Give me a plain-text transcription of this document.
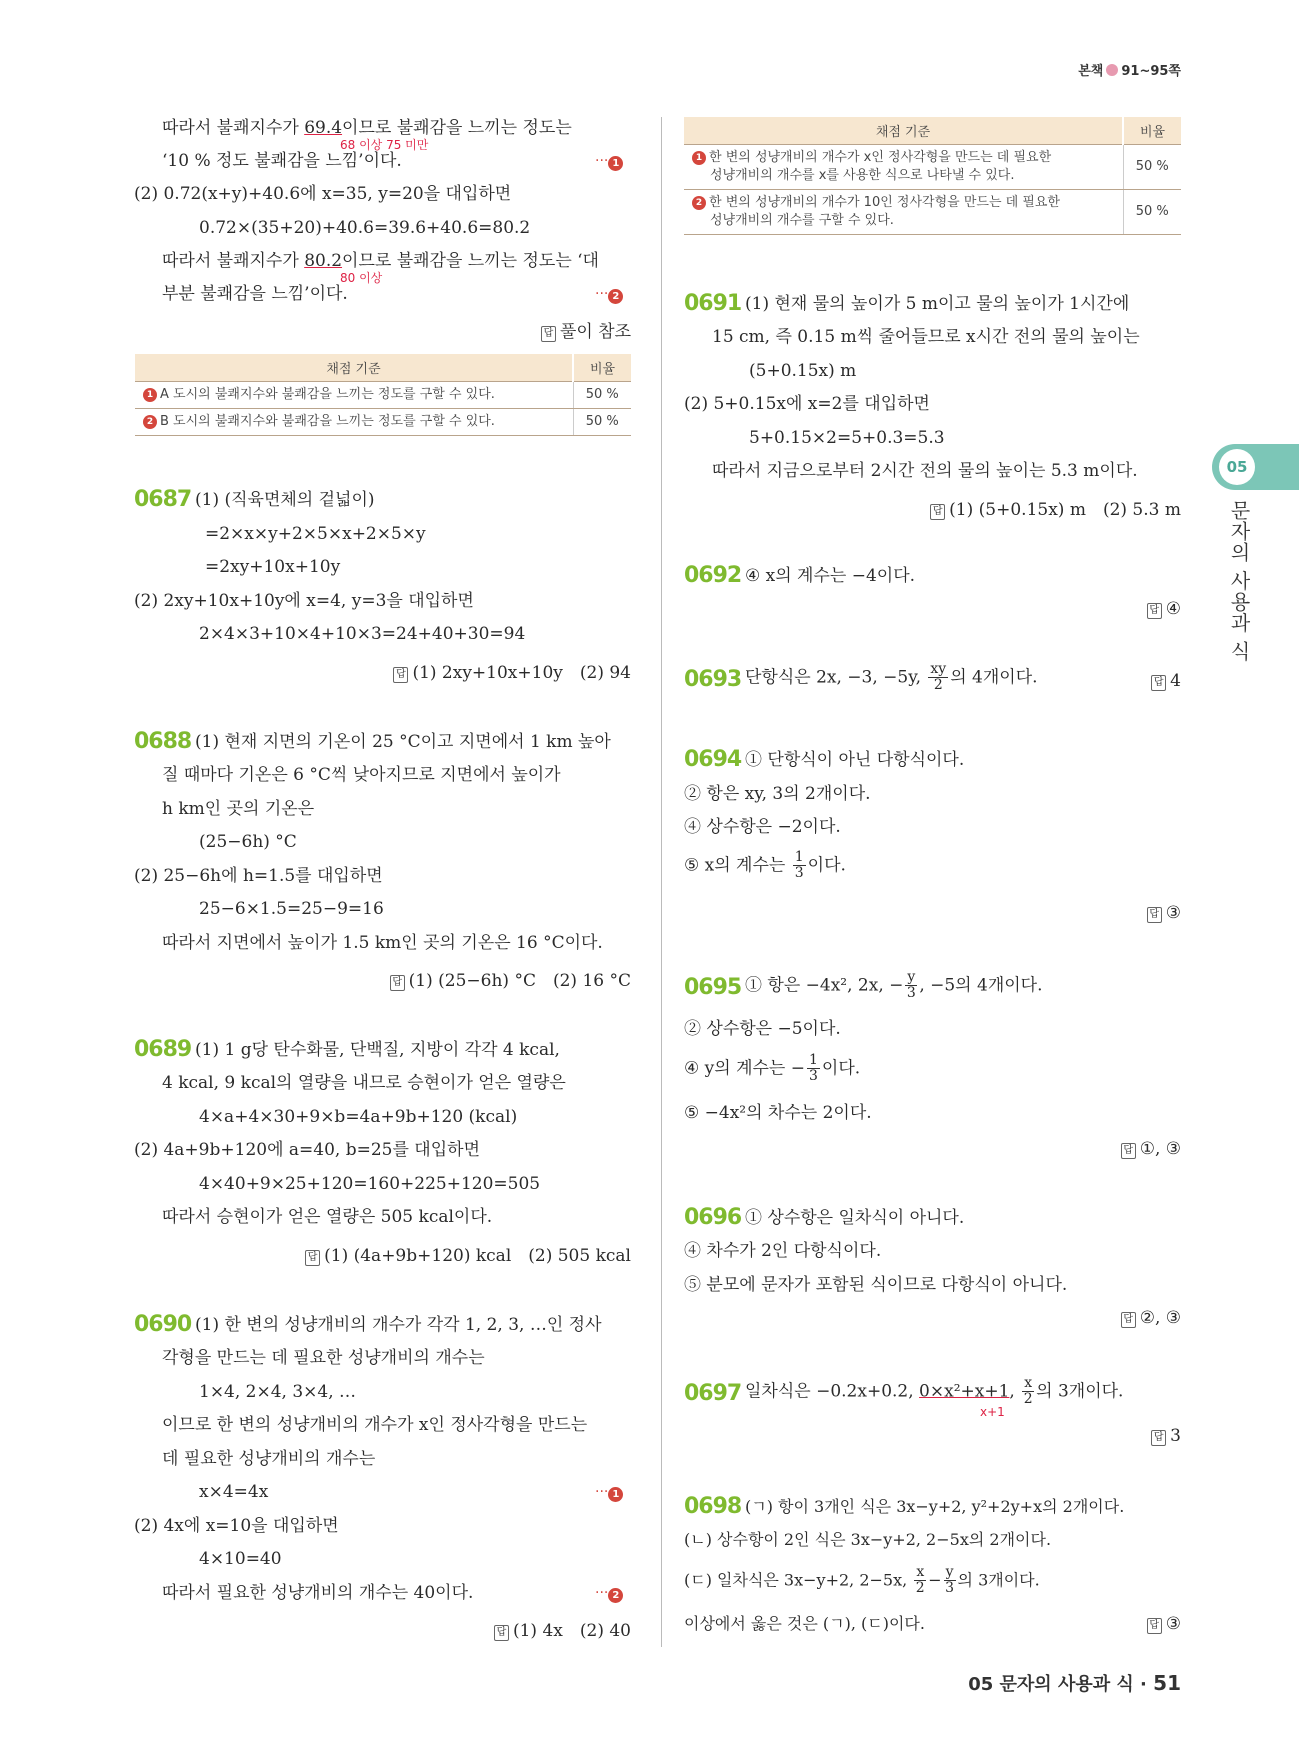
본책 91~95쪽
05
문자의 사용과 식
따라서 불쾌지수가 69.4이므로 불쾌감을 느끼는 정도는
68 이상 75 미만
‘10 % 정도 불쾌감을 느낌’이다.	··· 1
(2) 0.72(x+y)+40.6에 x=35, y=20을 대입하면
0.72×(35+20)+40.6=39.6+40.6=80.2
따라서 불쾌지수가 80.2이므로 불쾌감을 느끼는 정도는 ‘대
80 이상
부분 불쾌감을 느낌’이다.	··· 2
답 풀이 참조
채점 기준	비율
1 A 도시의 불쾌지수와 불쾌감을 느끼는 정도를 구할 수 있다.	50 %
2 B 도시의 불쾌지수와 불쾌감을 느끼는 정도를 구할 수 있다.	50 %
0687 (1) (직육면체의 겉넓이)
=2×x×y+2×5×x+2×5×y
=2xy+10x+10y
(2) 2xy+10x+10y에 x=4, y=3을 대입하면
2×4×3+10×4+10×3=24+40+30=94
답 (1) 2xy+10x+10y　(2) 94
0688 (1) 현재 지면의 기온이 25 °C이고 지면에서 1 km 높아
질 때마다 기온은 6 °C씩 낮아지므로 지면에서 높이가
h km인 곳의 기온은
(25−6h) °C
(2) 25−6h에 h=1.5를 대입하면
25−6×1.5=25−9=16
따라서 지면에서 높이가 1.5 km인 곳의 기온은 16 °C이다.
답 (1) (25−6h) °C　(2) 16 °C
0689 (1) 1 g당 탄수화물, 단백질, 지방이 각각 4 kcal,
4 kcal, 9 kcal의 열량을 내므로 승현이가 얻은 열량은
4×a+4×30+9×b=4a+9b+120 (kcal)
(2) 4a+9b+120에 a=40, b=25를 대입하면
4×40+9×25+120=160+225+120=505
따라서 승현이가 얻은 열량은 505 kcal이다.
답 (1) (4a+9b+120) kcal　(2) 505 kcal
0690 (1) 한 변의 성냥개비의 개수가 각각 1, 2, 3, …인 정사
각형을 만드는 데 필요한 성냥개비의 개수는
1×4, 2×4, 3×4, …
이므로 한 변의 성냥개비의 개수가 x인 정사각형을 만드는
데 필요한 성냥개비의 개수는
x×4=4x	··· 1
(2) 4x에 x=10을 대입하면
4×10=40
따라서 필요한 성냥개비의 개수는 40이다.	··· 2
답 (1) 4x　(2) 40
채점 기준	비율
1 한 변의 성냥개비의 개수가 x인 정사각형을 만드는 데 필요한
성냥개비의 개수를 x를 사용한 식으로 나타낼 수 있다.	50 %
2 한 변의 성냥개비의 개수가 10인 정사각형을 만드는 데 필요한
성냥개비의 개수를 구할 수 있다.	50 %
0691 (1) 현재 물의 높이가 5 m이고 물의 높이가 1시간에
15 cm, 즉 0.15 m씩 줄어들므로 x시간 전의 물의 높이는
(5+0.15x) m
(2) 5+0.15x에 x=2를 대입하면
5+0.15×2=5+0.3=5.3
따라서 지금으로부터 2시간 전의 물의 높이는 5.3 m이다.
답 (1) (5+0.15x) m　(2) 5.3 m
0692 ④ x의 계수는 −4이다.
답 ④
0693 단항식은 2x, −3, −5y, $\frac{xy}{2}$ 의 4개이다.	답 4
0694 ① 단항식이 아닌 다항식이다.
② 항은 xy, 3의 2개이다.
④ 상수항은 −2이다.
⑤ x의 계수는 $\frac{1}{3}$ 이다.
답 ③
0695 ① 항은 −4x², 2x, − $\frac{y}{3}$ , −5의 4개이다.
② 상수항은 −5이다.
④ y의 계수는 − $\frac{1}{3}$ 이다.
⑤ −4x²의 차수는 2이다.
답 ①, ③
0696 ① 상수항은 일차식이 아니다.
④ 차수가 2인 다항식이다.
⑤ 분모에 문자가 포함된 식이므로 다항식이 아니다.
답 ②, ③
0697 일차식은 −0.2x+0.2, 0×x²+x+1, $\frac{x}{2}$ 의 3개이다.
x+1
답 3
0698 (ㄱ) 항이 3개인 식은 3x−y+2, y²+2y+x의 2개이다.
(ㄴ) 상수항이 2인 식은 3x−y+2, 2−5x의 2개이다.
(ㄷ) 일차식은 3x−y+2, 2−5x, $\frac{x}{2} - \frac{y}{3}$ 의 3개이다.
이상에서 옳은 것은 (ㄱ), (ㄷ)이다.	답 ③
05 문자의 사용과 식 · 51
